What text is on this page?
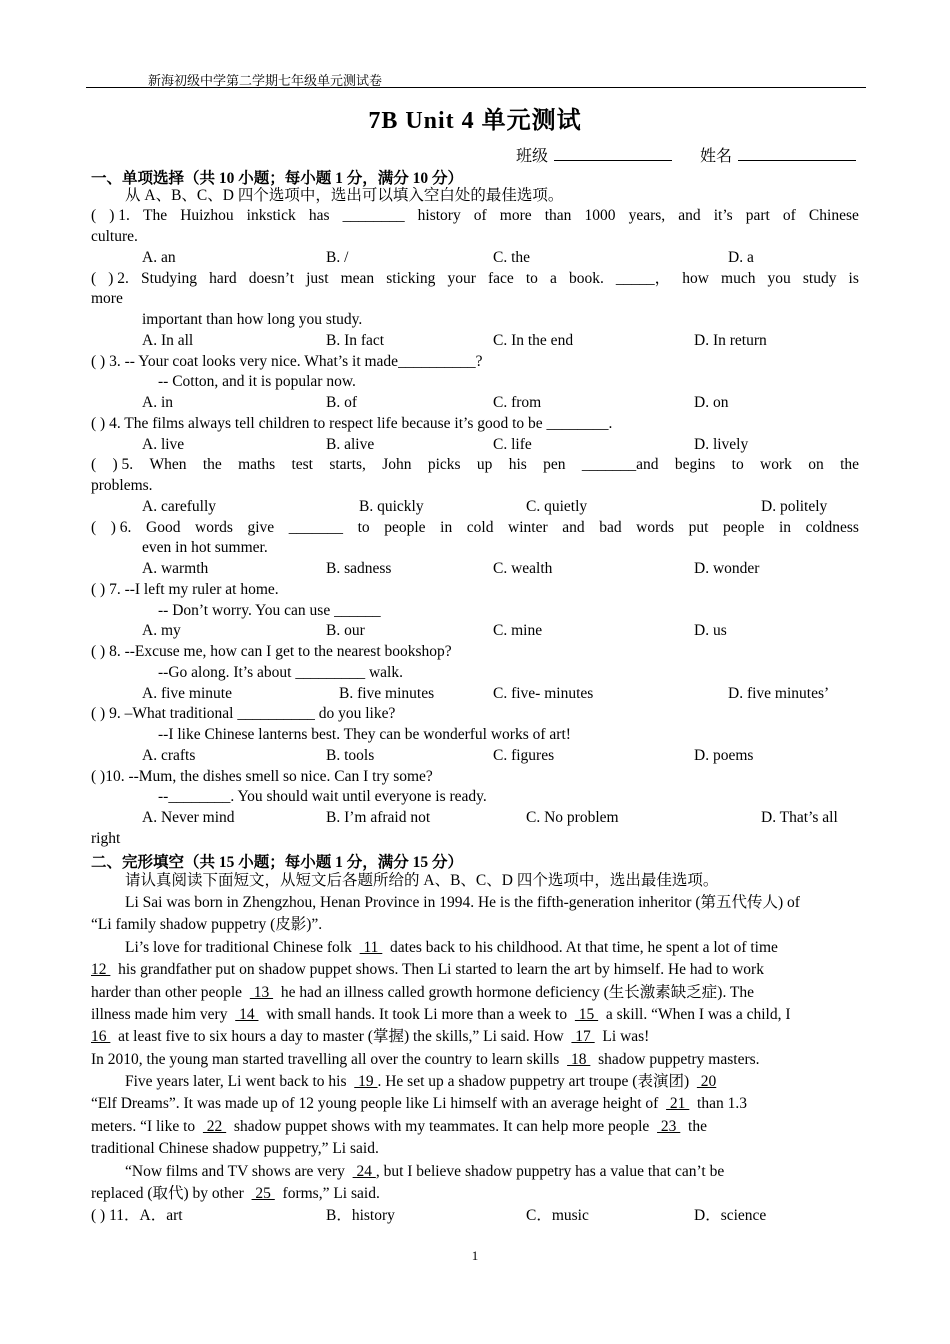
新海初级中学第二学期七年级单元测试卷
7B Unit 4 单元测试
班级	姓名
一、单项选择（共 10 小题；每小题 1 分，满分 10 分）
从 A、B、C、D 四个选项中，选出可以填入空白处的最佳选项。
( ) 1. The Huizhou inkstick has ________ history of more than 1000 years, and it’s part of Chinese
culture.
A. an	B. /	C. the	D. a
( ) 2. Studying hard doesn’t just mean sticking your face to a book. _____， how much you study is
more
important than how long you study.
A. In all	B. In fact	C. In the end	D. In return
( ) 3. -- Your coat looks very nice. What’s it made__________?
-- Cotton, and it is popular now.
A. in	B. of	C. from	D. on
( ) 4. The films always tell children to respect life because it’s good to be ________.
A. live	B. alive	C. life	D. lively
( ) 5. When the maths test starts, John picks up his pen _______and begins to work on the
problems.
A. carefully	B. quickly	C. quietly	D. politely
( ) 6. Good words give _______ to people in cold winter and bad words put people in coldness
even in hot summer.
A. warmth	B. sadness	C. wealth	D. wonder
( ) 7. --I left my ruler at home.
-- Don’t worry. You can use ______
A. my	B. our	C. mine	D. us
( ) 8. --Excuse me, how can I get to the nearest bookshop?
--Go along. It’s about _________ walk.
A. five minute	B. five minutes	C. five- minutes	D. five minutes’
( ) 9. –What traditional __________ do you like?
--I like Chinese lanterns best. They can be wonderful works of art!
A. crafts	B. tools	C. figures	D. poems
( )10. --Mum, the dishes smell so nice. Can I try some?
--________. You should wait until everyone is ready.
A. Never mind	B. I’m afraid not	C. No problem	D. That’s all
right
二、完形填空（共 15 小题；每小题 1 分，满分 15 分）
请认真阅读下面短文，从短文后各题所给的 A、B、C、D 四个选项中，选出最佳选项。
Li Sai was born in Zhengzhou, Henan Province in 1994. He is the fifth-generation inheritor (第五代传人) of
“Li family shadow puppetry (皮影)”.
Li’s love for traditional Chinese folk   11   dates back to his childhood. At that time, he spent a lot of time
12   his grandfather put on shadow puppet shows. Then Li started to learn the art by himself. He had to work
harder than other people   13   he had an illness called growth hormone deficiency (生长激素缺乏症). The
illness made him very   14   with small hands. It took Li more than a week to   15   a skill. “When I was a child, I
16   at least five to six hours a day to master (掌握) the skills,” Li said. How   17   Li was!
In 2010, the young man started travelling all over the country to learn skills   18   shadow puppetry masters.
Five years later, Li went back to his   19 . He set up a shadow puppetry art troupe (表演团)   20
“Elf Dreams”. It was made up of 12 young people like Li himself with an average height of   21   than 1.3
meters. “I like to   22   shadow puppet shows with my teammates. It can help more people   23   the
traditional Chinese shadow puppetry,” Li said.
“Now films and TV shows are very   24 , but I believe shadow puppetry has a value that can’t be
replaced (取代) by other   25   forms,” Li said.
( ) 11．A．art	B．history	C．music	D．science
1
